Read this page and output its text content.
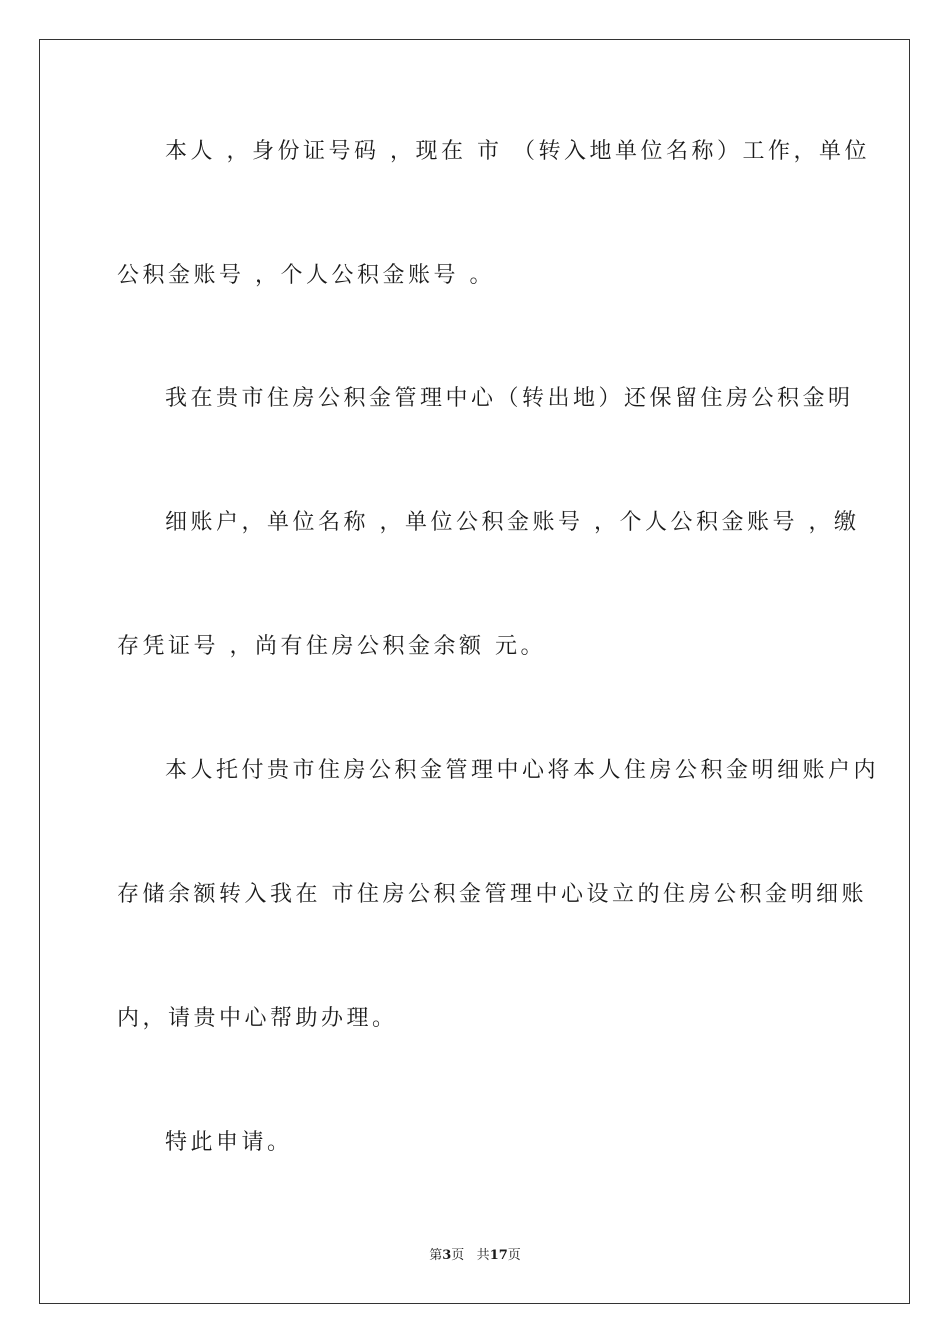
本人 ，身份证号码 ，现在 市 （转入地单位名称）工作，单位
公积金账号 ，个人公积金账号 。
我在贵市住房公积金管理中心（转出地）还保留住房公积金明
细账户，单位名称 ，单位公积金账号 ，个人公积金账号 ，缴
存凭证号 ，尚有住房公积金余额 元。
本人托付贵市住房公积金管理中心将本人住房公积金明细账户内
存储余额转入我在 市住房公积金管理中心设立的住房公积金明细账
内，请贵中心帮助办理。
特此申请。
第3页 共17页
